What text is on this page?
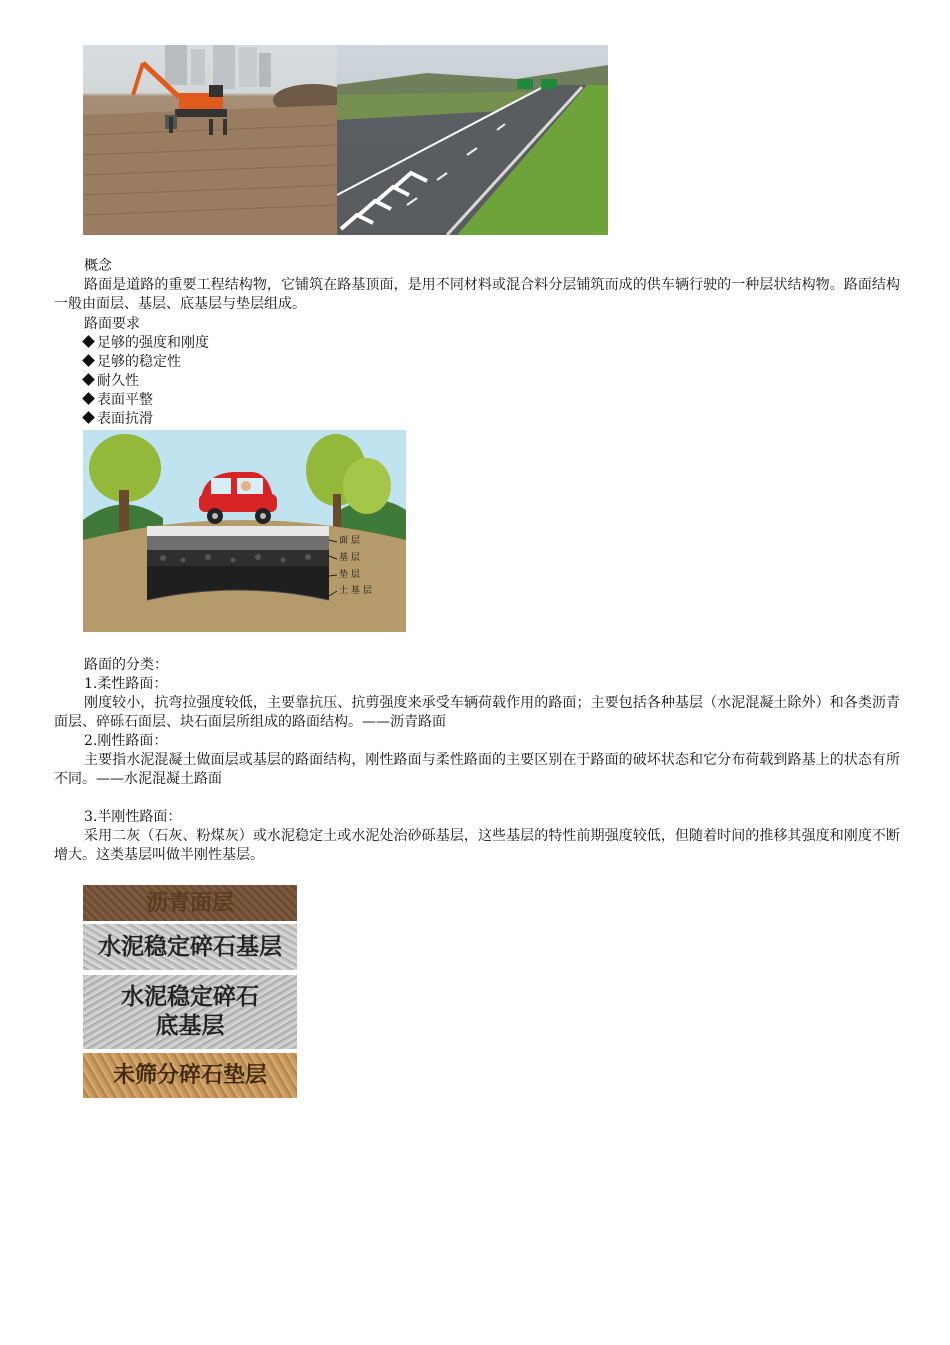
概念
路面是道路的重要工程结构物，它铺筑在路基顶面，是用不同材料或混合料分层铺筑而成的供车辆行驶的一种层状结构物。路面结构一般由面层、基层、底基层与垫层组成。
路面要求
足够的强度和刚度
足够的稳定性
耐久性
表面平整
表面抗滑
面 层
基 层
垫 层
土 基 层
路面的分类：
1.柔性路面：
刚度较小，抗弯拉强度较低，主要靠抗压、抗剪强度来承受车辆荷载作用的路面；主要包括各种基层（水泥混凝土除外）和各类沥青面层、碎砾石面层、块石面层所组成的路面结构。——沥青路面
2.刚性路面：
主要指水泥混凝土做面层或基层的路面结构，刚性路面与柔性路面的主要区别在于路面的破坏状态和它分布荷载到路基上的状态有所不同。——水泥混凝土路面
3.半刚性路面：
采用二灰（石灰、粉煤灰）或水泥稳定土或水泥处治砂砾基层，这些基层的特性前期强度较低，但随着时间的推移其强度和刚度不断增大。这类基层叫做半刚性基层。
沥青面层
水泥稳定碎石基层
水泥稳定碎石
底基层
未筛分碎石垫层
